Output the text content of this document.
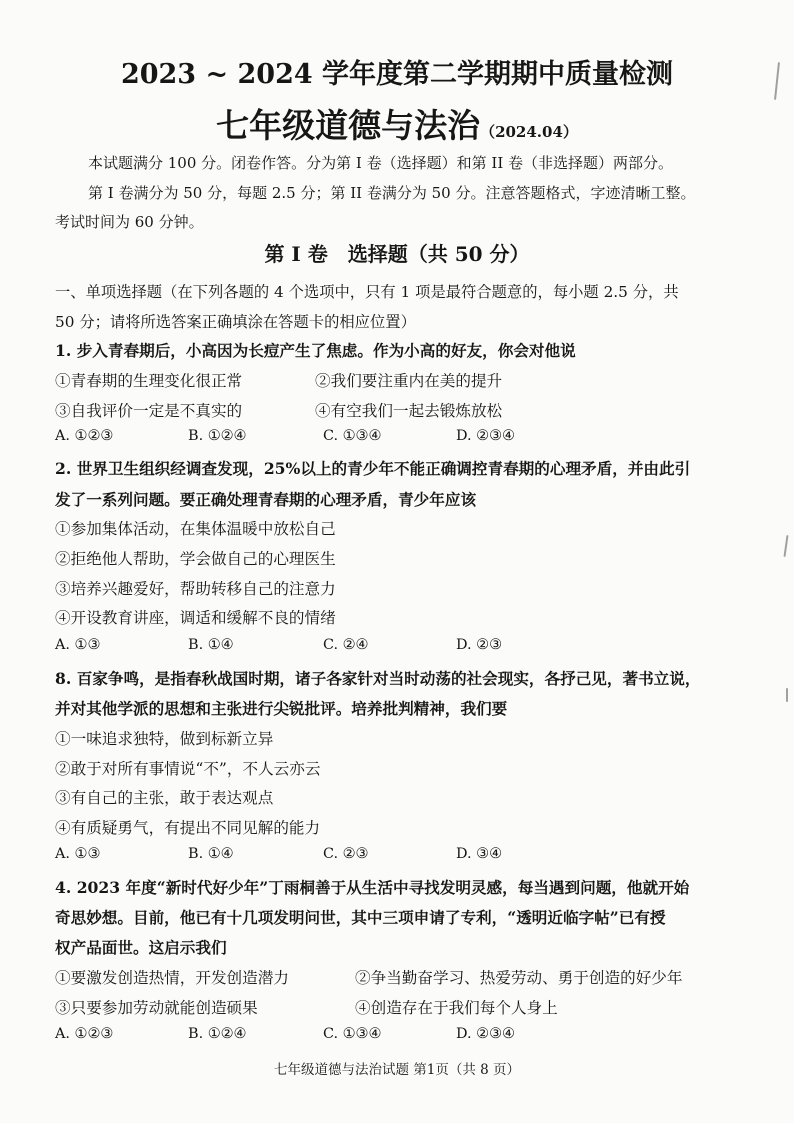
2023 ~ 2024 学年度第二学期期中质量检测
七年级道德与法治（2024.04）
本试题满分 100 分。闭卷作答。分为第 I 卷（选择题）和第 II 卷（非选择题）两部分。
第 I 卷满分为 50 分，每题 2.5 分；第 II 卷满分为 50 分。注意答题格式，字迹清晰工整。
考试时间为 60 分钟。
第 I 卷　选择题（共 50 分）
一、单项选择题（在下列各题的 4 个选项中，只有 1 项是最符合题意的，每小题 2.5 分，共
50 分；请将所选答案正确填涂在答题卡的相应位置）
1. 步入青春期后，小高因为长痘产生了焦虑。作为小高的好友，你会对他说
①青春期的生理变化很正常	②我们要注重内在美的提升
③自我评价一定是不真实的	④有空我们一起去锻炼放松
A. ①②③	B. ①②④	C. ①③④	D. ②③④
2. 世界卫生组织经调查发现，25%以上的青少年不能正确调控青春期的心理矛盾，并由此引
发了一系列问题。要正确处理青春期的心理矛盾，青少年应该
①参加集体活动，在集体温暖中放松自己
②拒绝他人帮助，学会做自己的心理医生
③培养兴趣爱好，帮助转移自己的注意力
④开设教育讲座，调适和缓解不良的情绪
A. ①③	B. ①④	C. ②④	D. ②③
8. 百家争鸣，是指春秋战国时期，诸子各家针对当时动荡的社会现实，各抒己见，著书立说，
并对其他学派的思想和主张进行尖锐批评。培养批判精神，我们要
①一味追求独特，做到标新立异
②敢于对所有事情说“不”，不人云亦云
③有自己的主张，敢于表达观点
④有质疑勇气，有提出不同见解的能力
A. ①③	B. ①④	C. ②③	D. ③④
4. 2023 年度“新时代好少年”丁雨桐善于从生活中寻找发明灵感，每当遇到问题，他就开始
奇思妙想。目前，他已有十几项发明问世，其中三项申请了专利，“透明近临字帖”已有授
权产品面世。这启示我们
①要激发创造热情，开发创造潜力	②争当勤奋学习、热爱劳动、勇于创造的好少年
③只要参加劳动就能创造硕果	④创造存在于我们每个人身上
A. ①②③	B. ①②④	C. ①③④	D. ②③④
七年级道德与法治试题 第1页（共 8 页）
